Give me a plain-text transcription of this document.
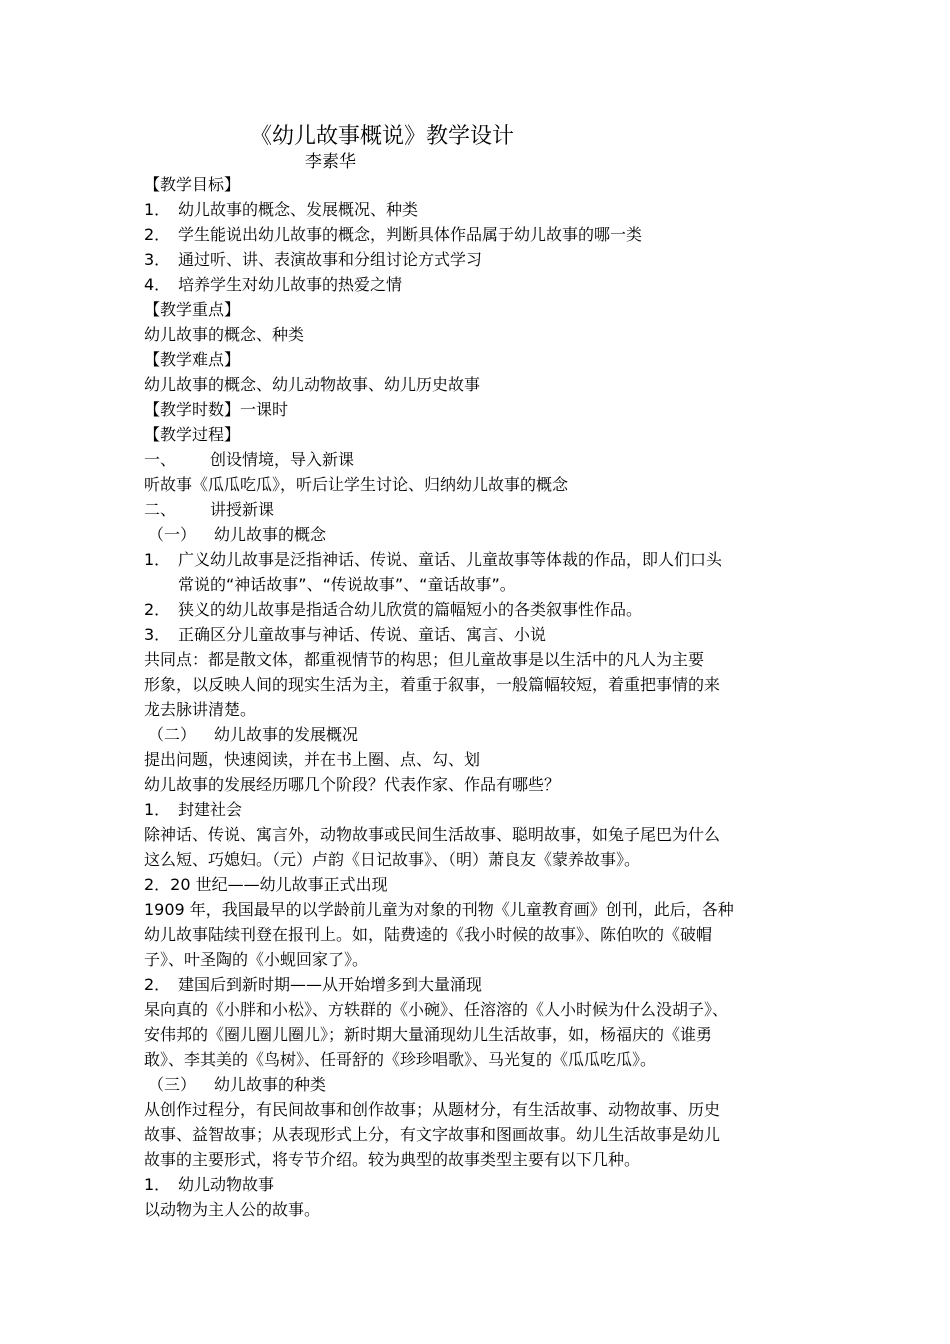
《幼儿故事概说》教学设计
李素华
【教学目标】
1． 幼儿故事的概念、发展概况、种类
2． 学生能说出幼儿故事的概念，判断具体作品属于幼儿故事的哪一类
3． 通过听、讲、表演故事和分组讨论方式学习
4． 培养学生对幼儿故事的热爱之情
【教学重点】
幼儿故事的概念、种类
【教学难点】
幼儿故事的概念、幼儿动物故事、幼儿历史故事
【教学时数】一课时
【教学过程】
一、 创设情境，导入新课
听故事《瓜瓜吃瓜》，听后让学生讨论、归纳幼儿故事的概念
二、 讲授新课
（一） 幼儿故事的概念
1． 广义幼儿故事是泛指神话、传说、童话、儿童故事等体裁的作品，即人们口头
常说的“神话故事”、“传说故事”、“童话故事”。
2． 狭义的幼儿故事是指适合幼儿欣赏的篇幅短小的各类叙事性作品。
3． 正确区分儿童故事与神话、传说、童话、寓言、小说
共同点：都是散文体，都重视情节的构思；但儿童故事是以生活中的凡人为主要
形象，以反映人间的现实生活为主，着重于叙事，一般篇幅较短，着重把事情的来
龙去脉讲清楚。
（二） 幼儿故事的发展概况
提出问题，快速阅读，并在书上圈、点、勾、划
幼儿故事的发展经历哪几个阶段？代表作家、作品有哪些？
1． 封建社会
除神话、传说、寓言外，动物故事或民间生活故事、聪明故事，如兔子尾巴为什么
这么短、巧媳妇。（元）卢韵《日记故事》、（明）萧良友《蒙养故事》。
2．20 世纪——幼儿故事正式出现
1909 年，我国最早的以学龄前儿童为对象的刊物《儿童教育画》创刊，此后，各种
幼儿故事陆续刊登在报刊上。如，陆费逵的《我小时候的故事》、陈伯吹的《破帽
子》、叶圣陶的《小蚬回家了》。
2． 建国后到新时期——从开始增多到大量涌现
杲向真的《小胖和小松》、方轶群的《小碗》、任溶溶的《人小时候为什么没胡子》、
安伟邦的《圈儿圈儿圈儿》；新时期大量涌现幼儿生活故事，如，杨福庆的《谁勇
敢》、李其美的《鸟树》、任哥舒的《珍珍唱歌》、马光复的《瓜瓜吃瓜》。
（三） 幼儿故事的种类
从创作过程分，有民间故事和创作故事；从题材分，有生活故事、动物故事、历史
故事、益智故事；从表现形式上分，有文字故事和图画故事。幼儿生活故事是幼儿
故事的主要形式，将专节介绍。较为典型的故事类型主要有以下几种。
1． 幼儿动物故事
以动物为主人公的故事。
